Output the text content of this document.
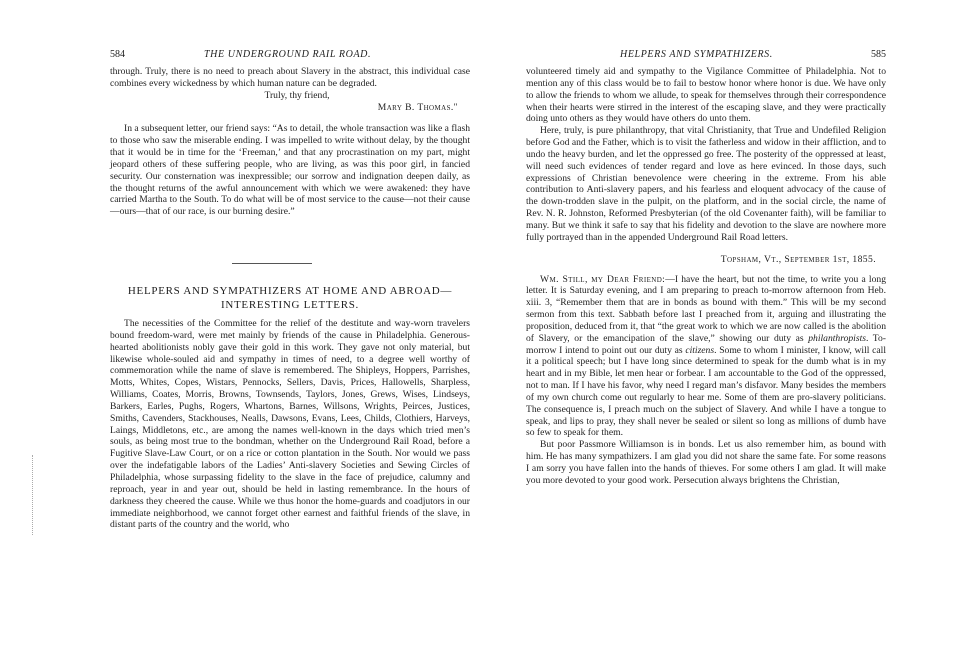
584	THE UNDERGROUND RAIL ROAD.

through. Truly, there is no need to preach about Slavery in the abstract, this individual case combines every wickedness by which human nature can be degraded.

Truly, thy friend,

Mary B. Thomas."

In a subsequent letter, our friend says: “As to detail, the whole transaction was like a flash to those who saw the miserable ending. I was impelled to write without delay, by the thought that it would be in time for the ‘Freeman,’ and that any procrastination on my part, might jeopard others of these suffering people, who are living, as was this poor girl, in fancied security. Our consternation was inexpressible; our sorrow and indignation deepen daily, as the thought returns of the awful announcement with which we were awakened: they have carried Martha to the South. To do what will be of most service to the cause—not their cause—ours—that of our race, is our burning desire.”

HELPERS AND SYMPATHIZERS AT HOME AND ABROAD—
INTERESTING LETTERS.

The necessities of the Committee for the relief of the destitute and way-worn travelers bound freedom-ward, were met mainly by friends of the cause in Philadelphia. Generous-hearted abolitionists nobly gave their gold in this work. They gave not only material, but likewise whole-souled aid and sympathy in times of need, to a degree well worthy of commemoration while the name of slave is remembered. The Shipleys, Hoppers, Parrishes, Motts, Whites, Copes, Wistars, Pennocks, Sellers, Davis, Prices, Hallowells, Sharpless, Williams, Coates, Morris, Browns, Townsends, Taylors, Jones, Grews, Wises, Lindseys, Barkers, Earles, Pughs, Rogers, Whartons, Barnes, Willsons, Wrights, Peirces, Justices, Smiths, Cavenders, Stackhouses, Nealls, Dawsons, Evans, Lees, Childs, Clothiers, Harveys, Laings, Middletons, etc., are among the names well-known in the days which tried men’s souls, as being most true to the bondman, whether on the Underground Rail Road, before a Fugitive Slave-Law Court, or on a rice or cotton plantation in the South. Nor would we pass over the indefatigable labors of the Ladies’ Anti-slavery Societies and Sewing Circles of Philadelphia, whose surpassing fidelity to the slave in the face of prejudice, calumny and reproach, year in and year out, should be held in lasting remembrance. In the hours of darkness they cheered the cause. While we thus honor the home-guards and coadjutors in our immediate neighborhood, we cannot forget other earnest and faithful friends of the slave, in distant parts of the country and the world, who

HELPERS AND SYMPATHIZERS.	585

volunteered timely aid and sympathy to the Vigilance Committee of Philadelphia. Not to mention any of this class would be to fail to bestow honor where honor is due. We have only to allow the friends to whom we allude, to speak for themselves through their correspondence when their hearts were stirred in the interest of the escaping slave, and they were practically doing unto others as they would have others do unto them.

Here, truly, is pure philanthropy, that vital Christianity, that True and Undefiled Religion before God and the Father, which is to visit the fatherless and widow in their affliction, and to undo the heavy burden, and let the oppressed go free. The posterity of the oppressed at least, will need such evidences of tender regard and love as here evinced. In those days, such expressions of Christian benevolence were cheering in the extreme. From his able contribution to Anti-slavery papers, and his fearless and eloquent advocacy of the cause of the down-trodden slave in the pulpit, on the platform, and in the social circle, the name of Rev. N. R. Johnston, Reformed Presbyterian (of the old Covenanter faith), will be familiar to many. But we think it safe to say that his fidelity and devotion to the slave are nowhere more fully portrayed than in the appended Underground Rail Road letters.

Topsham, Vt., September 1st, 1855.

Wm. Still, my Dear Friend:—I have the heart, but not the time, to write you a long letter. It is Saturday evening, and I am preparing to preach to-morrow afternoon from Heb. xiii. 3, “Remember them that are in bonds as bound with them.” This will be my second sermon from this text. Sabbath before last I preached from it, arguing and illustrating the proposition, deduced from it, that “the great work to which we are now called is the abolition of Slavery, or the emancipation of the slave,” showing our duty as philanthropists. To-morrow I intend to point out our duty as citizens. Some to whom I minister, I know, will call it a political speech; but I have long since determined to speak for the dumb what is in my heart and in my Bible, let men hear or forbear. I am accountable to the God of the oppressed, not to man. If I have his favor, why need I regard man’s disfavor. Many besides the members of my own church come out regularly to hear me. Some of them are pro-slavery politicians. The consequence is, I preach much on the subject of Slavery. And while I have a tongue to speak, and lips to pray, they shall never be sealed or silent so long as millions of dumb have so few to speak for them.

But poor Passmore Williamson is in bonds. Let us also remember him, as bound with him. He has many sympathizers. I am glad you did not share the same fate. For some reasons I am sorry you have fallen into the hands of thieves. For some others I am glad. It will make you more devoted to your good work. Persecution always brightens the Christian,
